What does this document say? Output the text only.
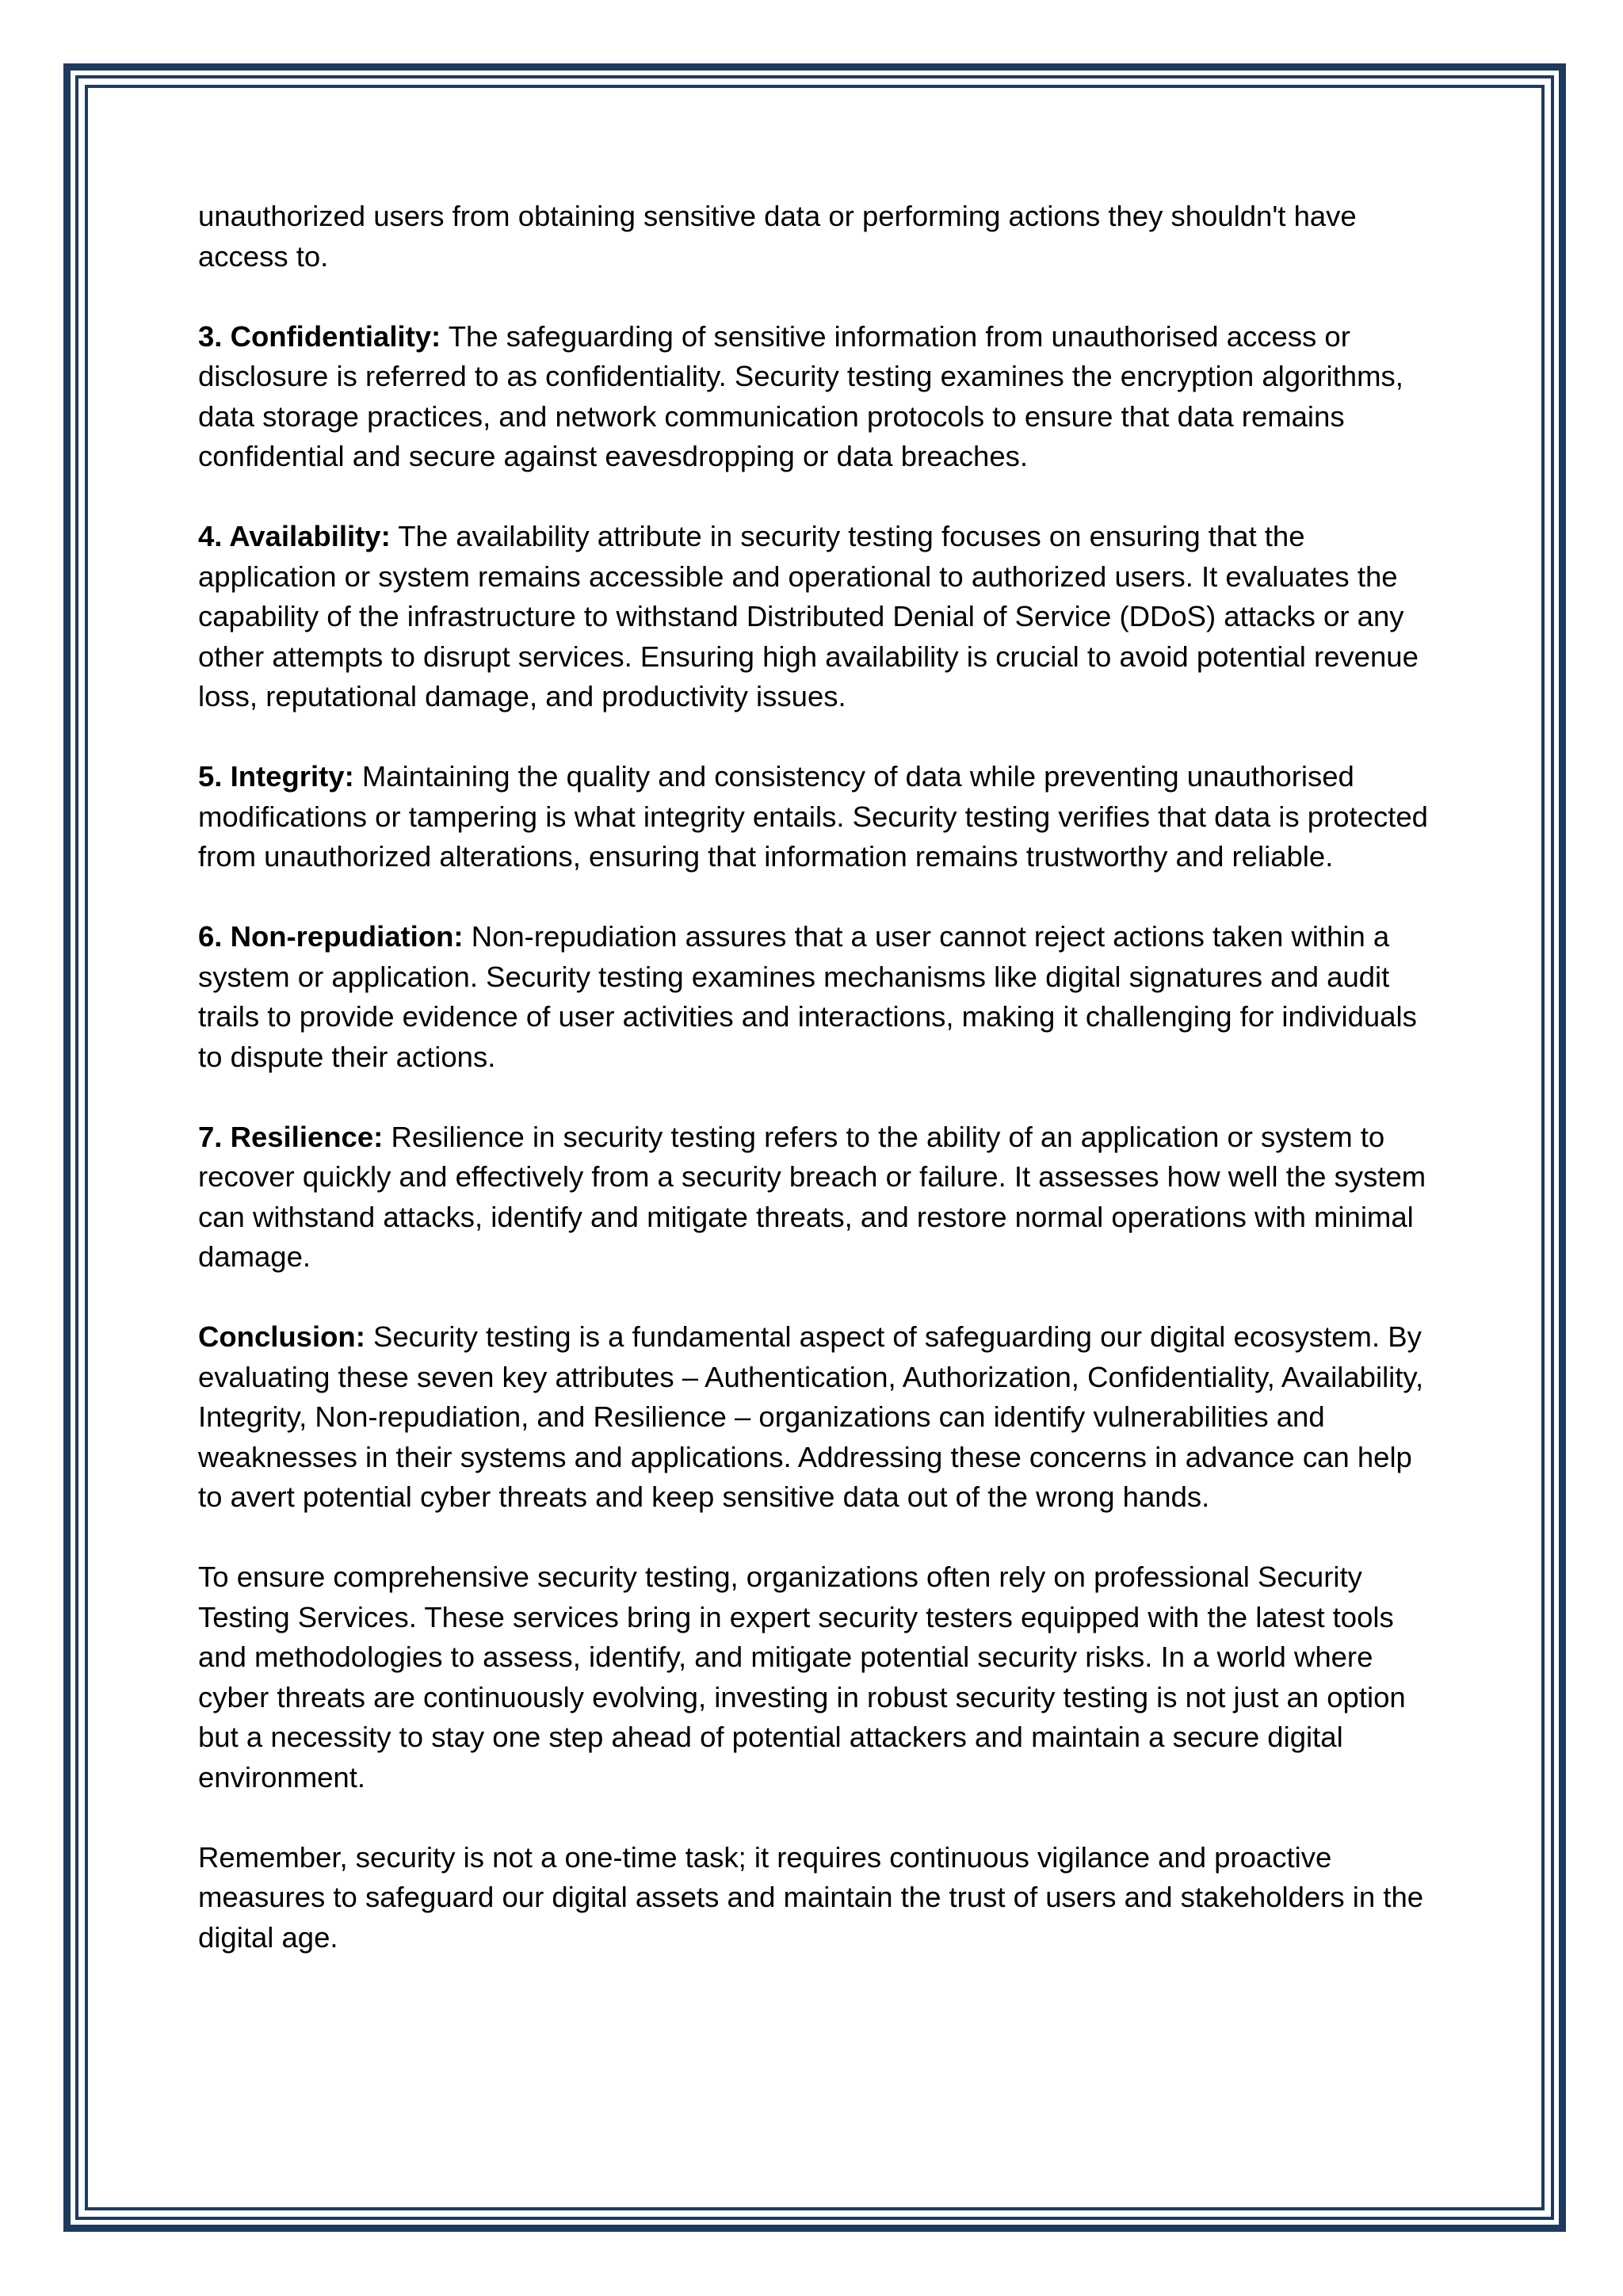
unauthorized users from obtaining sensitive data or performing actions they shouldn't have access to.

3. Confidentiality: The safeguarding of sensitive information from unauthorised access or disclosure is referred to as confidentiality. Security testing examines the encryption algorithms, data storage practices, and network communication protocols to ensure that data remains confidential and secure against eavesdropping or data breaches.

4. Availability: The availability attribute in security testing focuses on ensuring that the application or system remains accessible and operational to authorized users. It evaluates the capability of the infrastructure to withstand Distributed Denial of Service (DDoS) attacks or any other attempts to disrupt services. Ensuring high availability is crucial to avoid potential revenue loss, reputational damage, and productivity issues.

5. Integrity: Maintaining the quality and consistency of data while preventing unauthorised modifications or tampering is what integrity entails. Security testing verifies that data is protected from unauthorized alterations, ensuring that information remains trustworthy and reliable.

6. Non-repudiation: Non-repudiation assures that a user cannot reject actions taken within a system or application. Security testing examines mechanisms like digital signatures and audit trails to provide evidence of user activities and interactions, making it challenging for individuals to dispute their actions.

7. Resilience: Resilience in security testing refers to the ability of an application or system to recover quickly and effectively from a security breach or failure. It assesses how well the system can withstand attacks, identify and mitigate threats, and restore normal operations with minimal damage.

Conclusion: Security testing is a fundamental aspect of safeguarding our digital ecosystem. By evaluating these seven key attributes – Authentication, Authorization, Confidentiality, Availability, Integrity, Non-repudiation, and Resilience – organizations can identify vulnerabilities and weaknesses in their systems and applications. Addressing these concerns in advance can help to avert potential cyber threats and keep sensitive data out of the wrong hands.

To ensure comprehensive security testing, organizations often rely on professional Security Testing Services. These services bring in expert security testers equipped with the latest tools and methodologies to assess, identify, and mitigate potential security risks. In a world where cyber threats are continuously evolving, investing in robust security testing is not just an option but a necessity to stay one step ahead of potential attackers and maintain a secure digital environment.

Remember, security is not a one-time task; it requires continuous vigilance and proactive measures to safeguard our digital assets and maintain the trust of users and stakeholders in the digital age.
